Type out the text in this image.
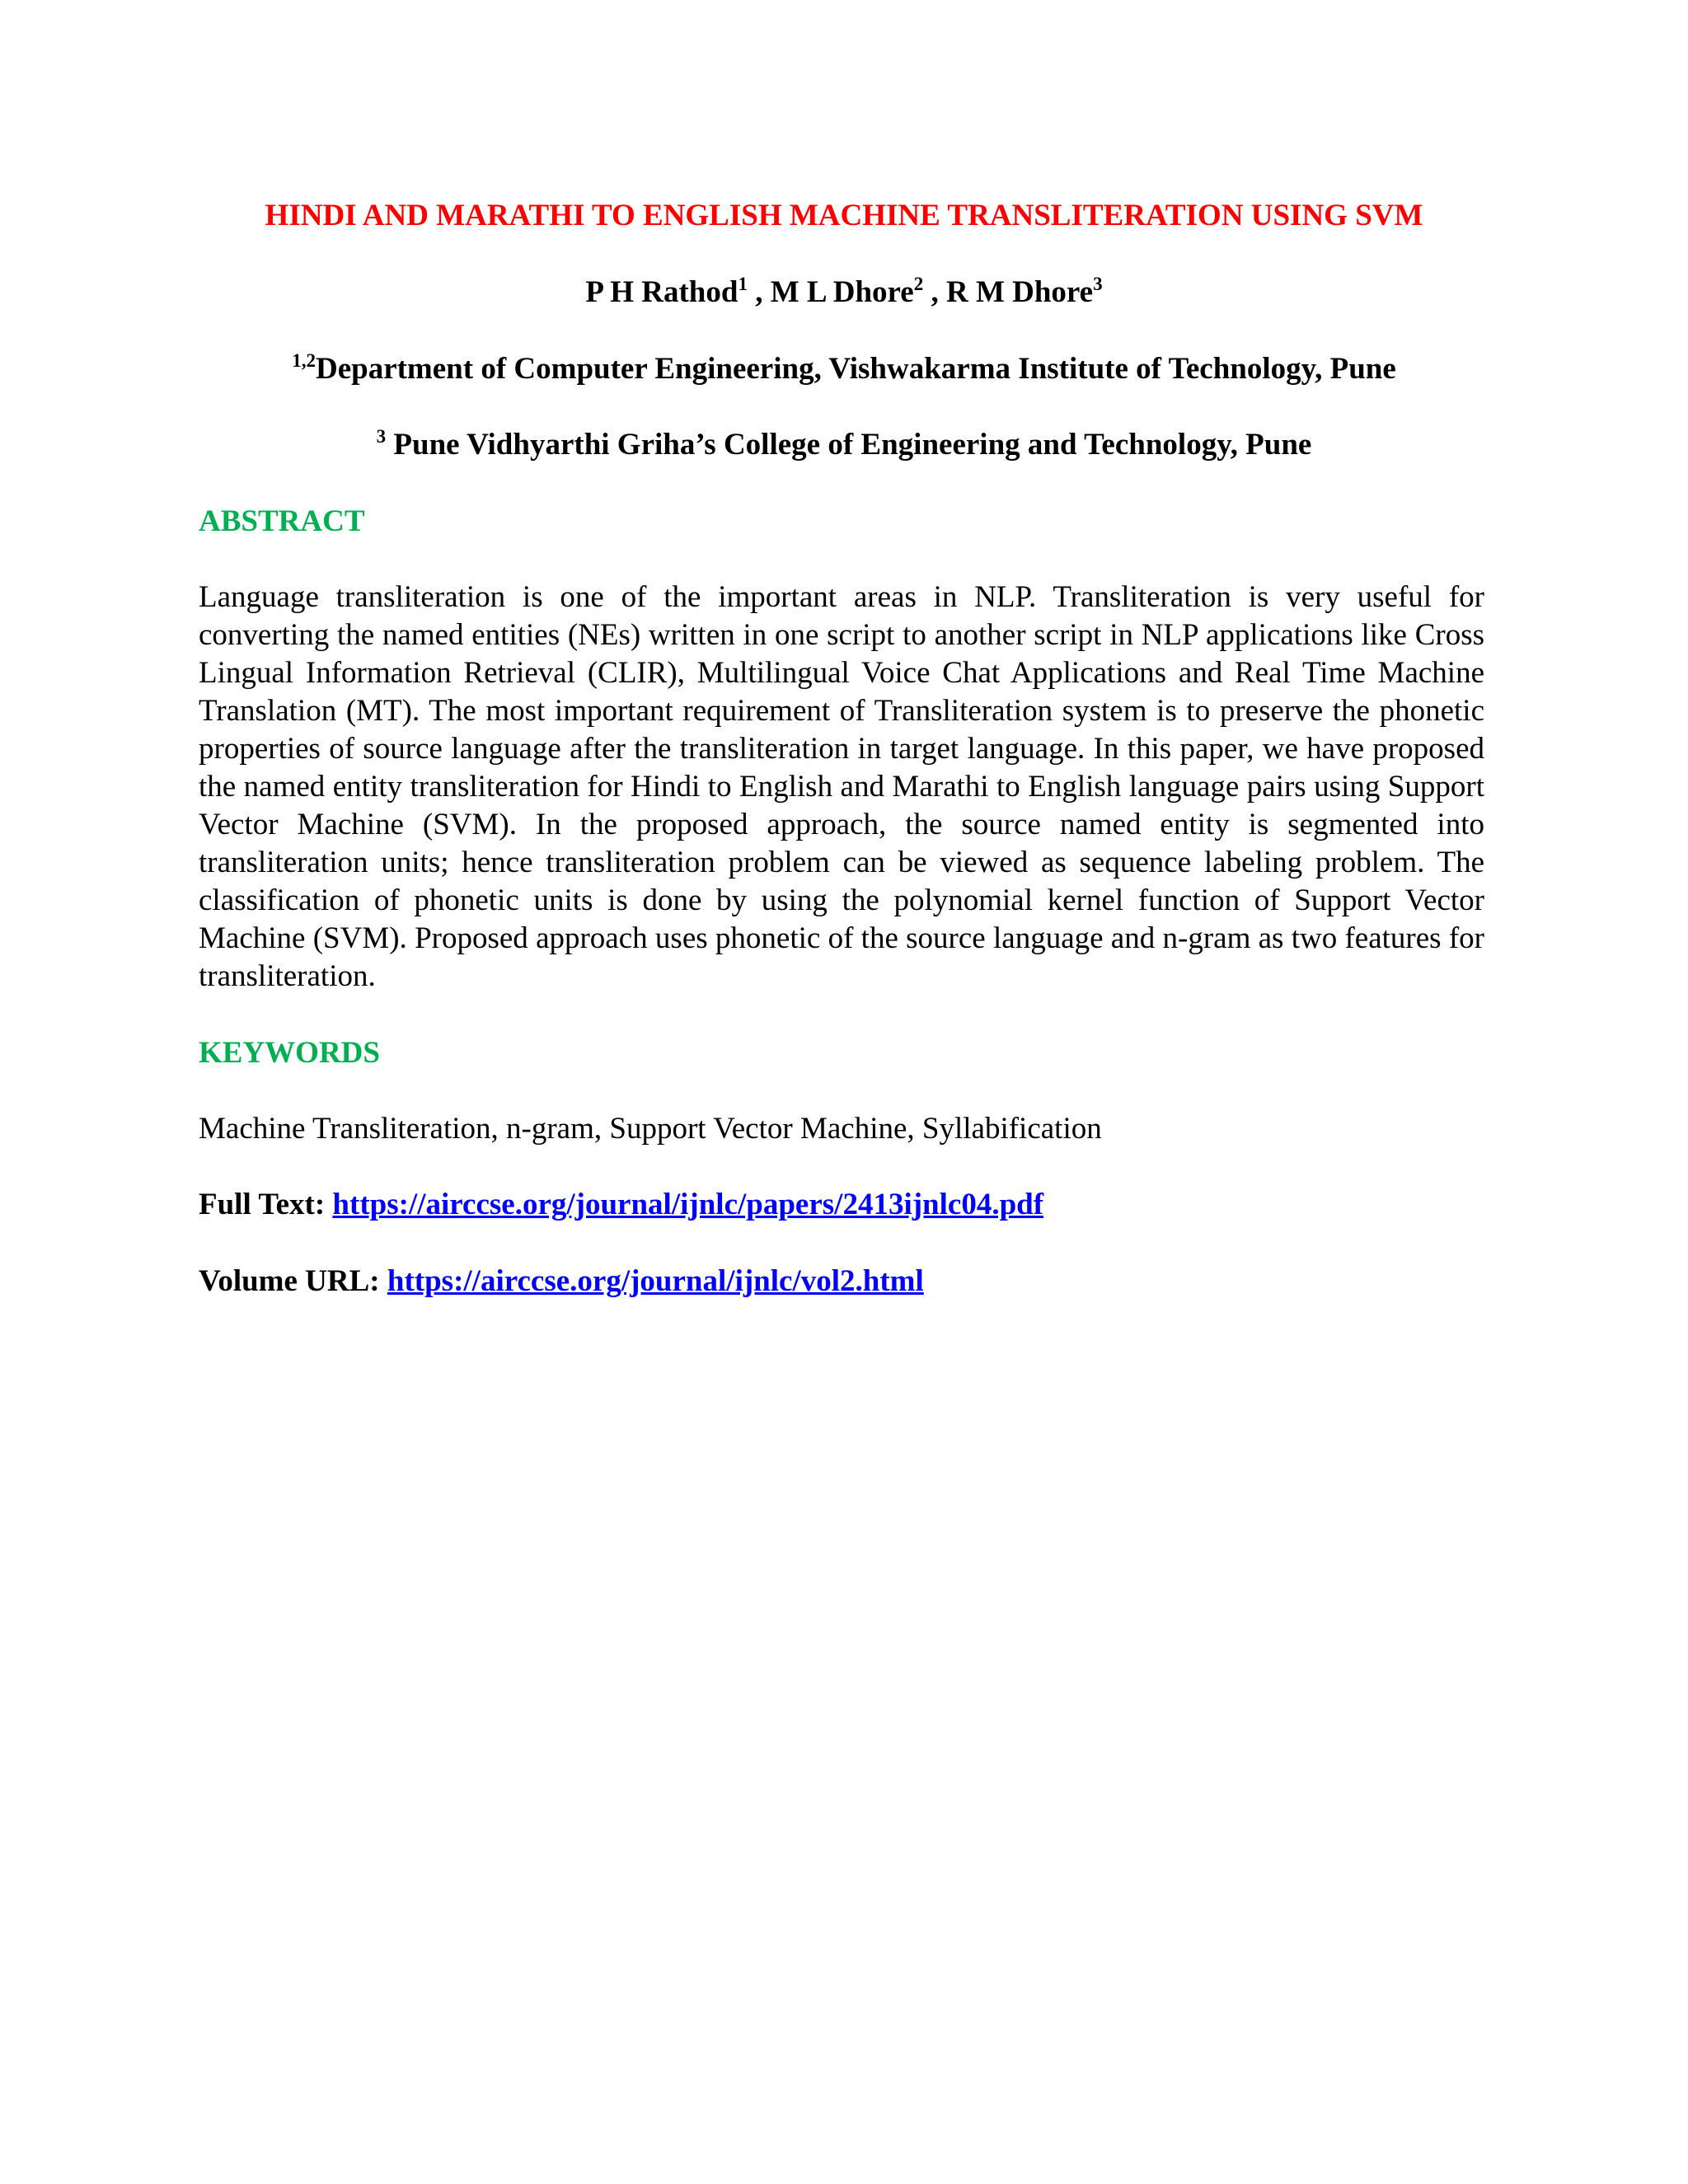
HINDI AND MARATHI TO ENGLISH MACHINE TRANSLITERATION USING SVM
P H Rathod$^1$ , M L Dhore$^2$ , R M Dhore$^3$
$^{1,2}$Department of Computer Engineering, Vishwakarma Institute of Technology, Pune
$^3$ Pune Vidhyarthi Griha’s College of Engineering and Technology, Pune
ABSTRACT
Language transliteration is one of the important areas in NLP. Transliteration is very useful for converting the named entities (NEs) written in one script to another script in NLP applications like Cross Lingual Information Retrieval (CLIR), Multilingual Voice Chat Applications and Real Time Machine Translation (MT). The most important requirement of Transliteration system is to preserve the phonetic properties of source language after the transliteration in target language. In this paper, we have proposed the named entity transliteration for Hindi to English and Marathi to English language pairs using Support Vector Machine (SVM). In the proposed approach, the source named entity is segmented into transliteration units; hence transliteration problem can be viewed as sequence labeling problem. The classification of phonetic units is done by using the polynomial kernel function of Support Vector Machine (SVM). Proposed approach uses phonetic of the source language and n-gram as two features for transliteration.
KEYWORDS
Machine Transliteration, n-gram, Support Vector Machine, Syllabification
Full Text: https://airccse.org/journal/ijnlc/papers/2413ijnlc04.pdf
Volume URL: https://airccse.org/journal/ijnlc/vol2.html
